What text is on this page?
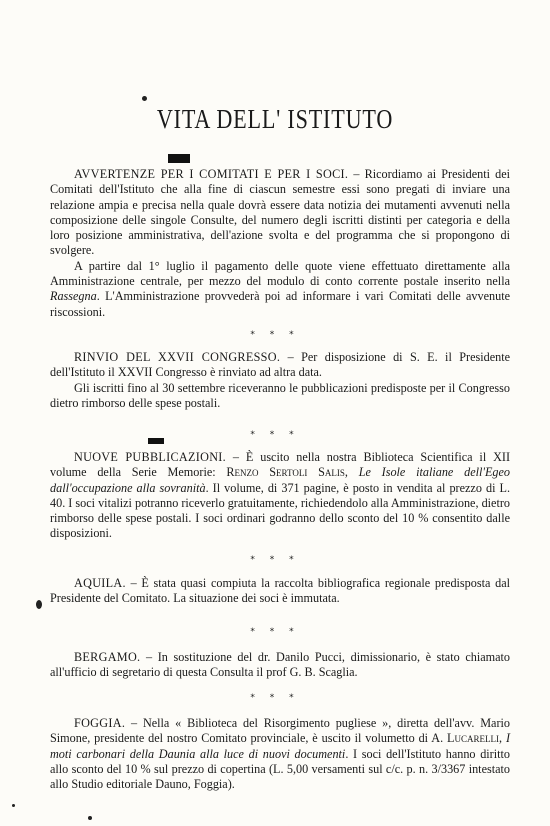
VITA DELL' ISTITUTO

AVVERTENZE PER I COMITATI E PER I SOCI. – Ricordiamo ai Presidenti dei Comitati dell'Istituto che alla fine di ciascun semestre essi sono pregati di inviare una relazione ampia e precisa nella quale dovrà essere data notizia dei mutamenti avvenuti nella composizione delle singole Consulte, del numero degli iscritti distinti per categoria e della loro posizione amministrativa, dell'azione svolta e del programma che si propongono di svolgere.

A partire dal 1° luglio il pagamento delle quote viene effettuato direttamente alla Amministrazione centrale, per mezzo del modulo di conto corrente postale inserito nella Rassegna. L'Amministrazione provvederà poi ad informare i vari Comitati delle avvenute riscossioni.

* * *

RINVIO DEL XXVII CONGRESSO. – Per disposizione di S. E. il Presidente dell'Istituto il XXVII Congresso è rinviato ad altra data.

Gli iscritti fino al 30 settembre riceveranno le pubblicazioni predisposte per il Congresso dietro rimborso delle spese postali.

* * *

NUOVE PUBBLICAZIONI. – È uscito nella nostra Biblioteca Scientifica il XII volume della Serie Memorie: Renzo Sertoli Salis, Le Isole italiane dell'Egeo dall'occupazione alla sovranità. Il volume, di 371 pagine, è posto in vendita al prezzo di L. 40. I soci vitalizi potranno riceverlo gratuitamente, richiedendolo alla Amministrazione, dietro rimborso delle spese postali. I soci ordinari godranno dello sconto del 10 % consentito dalle disposizioni.

* * *

AQUILA. – È stata quasi compiuta la raccolta bibliografica regionale predisposta dal Presidente del Comitato. La situazione dei soci è immutata.

* * *

BERGAMO. – In sostituzione del dr. Danilo Pucci, dimissionario, è stato chiamato all'ufficio di segretario di questa Consulta il prof G. B. Scaglia.

* * *

FOGGIA. – Nella « Biblioteca del Risorgimento pugliese », diretta dell'avv. Mario Simone, presidente del nostro Comitato provinciale, è uscito il volumetto di A. Lucarelli, I moti carbonari della Daunia alla luce di nuovi documenti. I soci dell'Istituto hanno diritto allo sconto del 10 % sul prezzo di copertina (L. 5,00 versamenti sul c/c. p. n. 3/3367 intestato allo Studio editoriale Dauno, Foggia).
